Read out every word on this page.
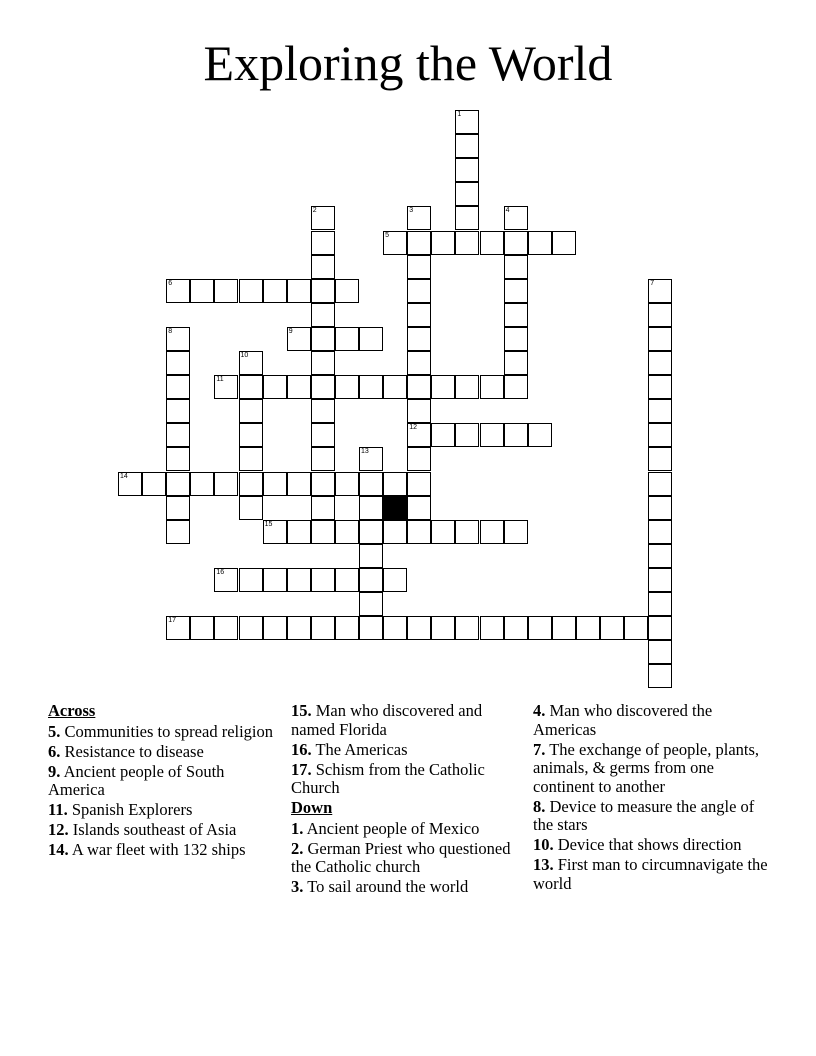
Exploring the World
1
2	3
12
4
5
6	7
8	9
10
11
13
14
15
16
17
Across
5. Communities to spread religion
6. Resistance to disease
9. Ancient people of South America
11. Spanish Explorers
12. Islands southeast of Asia
14. A war fleet with 132 ships
15. Man who discovered and named Florida
16. The Americas
17. Schism from the Catholic Church
Down
1. Ancient people of Mexico
2. German Priest who questioned the Catholic church
3. To sail around the world
4. Man who discovered the Americas
7. The exchange of people, plants, animals, & germs from one continent to another
8. Device to measure the angle of the stars
10. Device that shows direction
13. First man to circumnavigate the world
